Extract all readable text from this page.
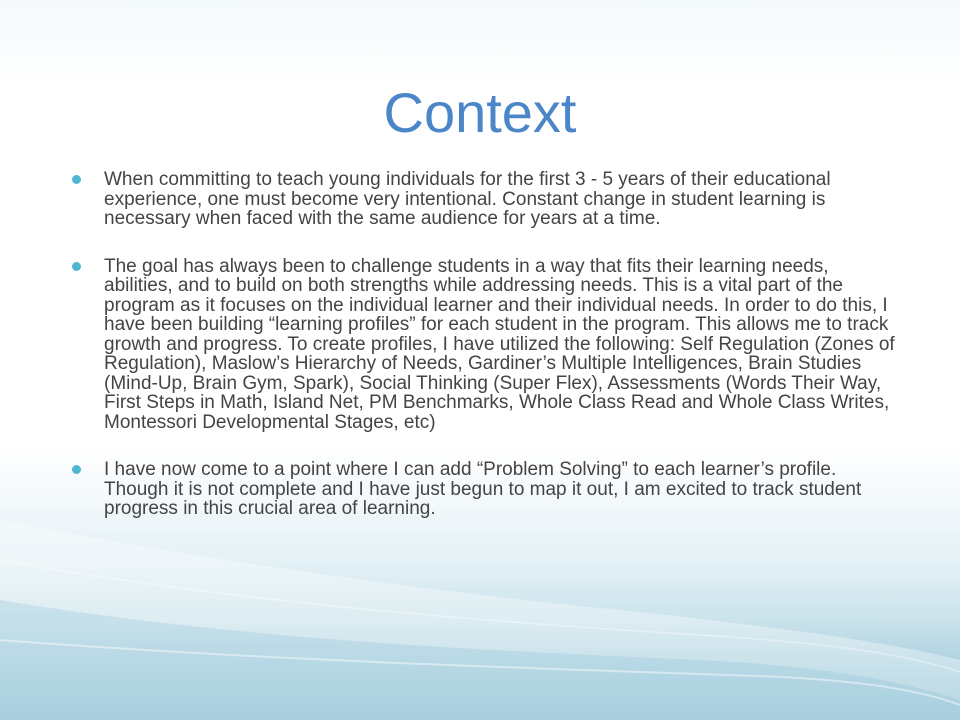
Context
When committing to teach young individuals for the first 3 - 5 years of their educational experience, one must become very intentional. Constant change in student learning is necessary when faced with the same audience for years at a time.
The goal has always been to challenge students in a way that fits their learning needs, abilities, and to build on both strengths while addressing needs. This is a vital part of the program as it focuses on the individual learner and their individual needs. In order to do this, I have been building “learning profiles” for each student in the program. This allows me to track growth and progress. To create profiles, I have utilized the following: Self Regulation (Zones of Regulation), Maslow’s Hierarchy of Needs, Gardiner’s Multiple Intelligences, Brain Studies (Mind-Up, Brain Gym, Spark), Social Thinking (Super Flex), Assessments (Words Their Way, First Steps in Math, Island Net, PM Benchmarks, Whole Class Read and Whole Class Writes, Montessori Developmental Stages, etc)
I have now come to a point where I can add “Problem Solving” to each learner’s profile. Though it is not complete and I have just begun to map it out, I am excited to track student progress in this crucial area of learning.
